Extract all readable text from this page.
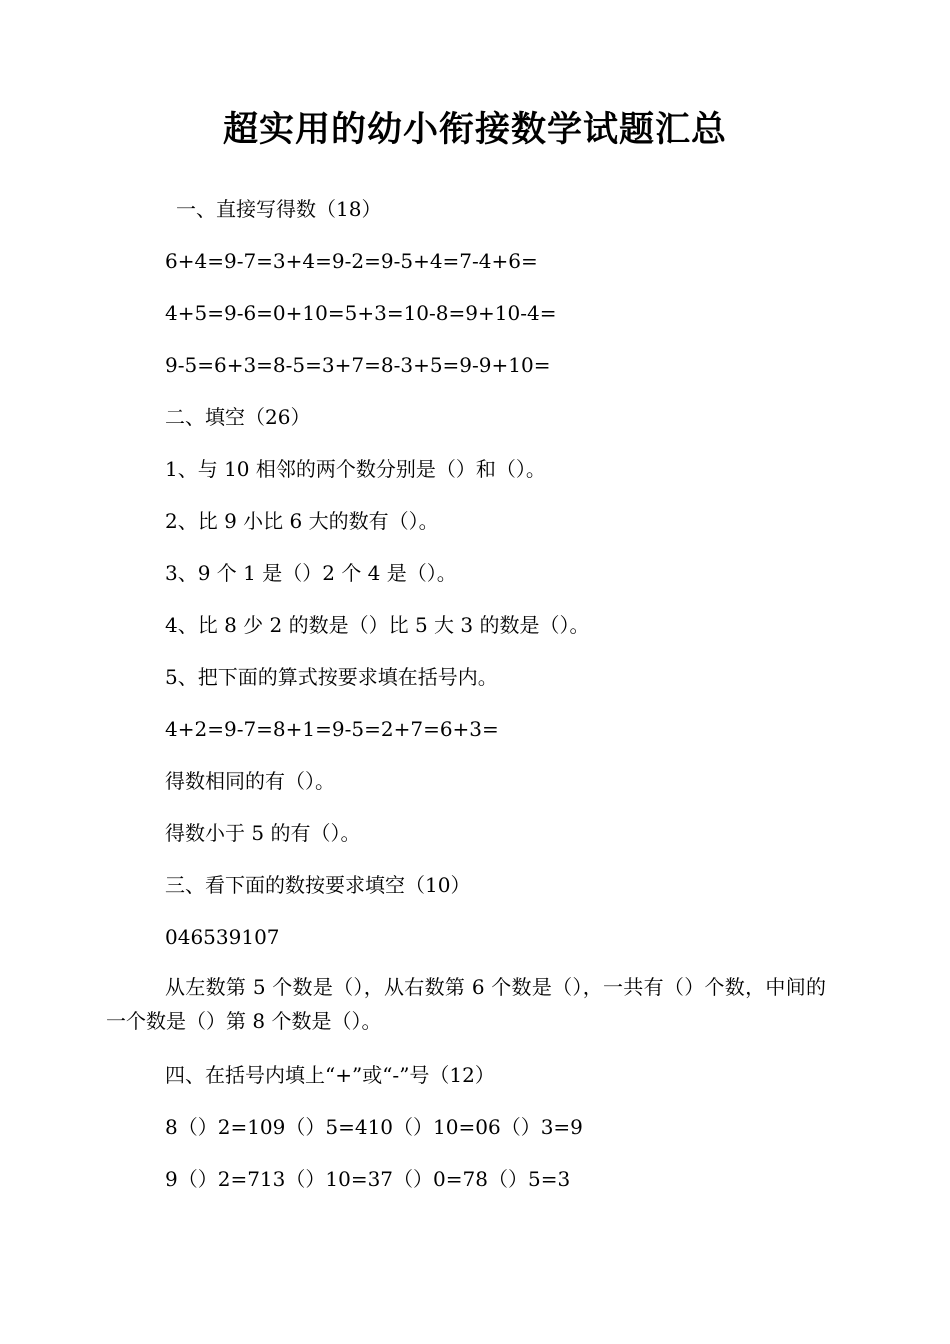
超实用的幼小衔接数学试题汇总
一、直接写得数（18）
6+4=9-7=3+4=9-2=9-5+4=7-4+6=
4+5=9-6=0+10=5+3=10-8=9+10-4=
9-5=6+3=8-5=3+7=8-3+5=9-9+10=
二、填空（26）
1、与 10 相邻的两个数分别是（）和（）。
2、比 9 小比 6 大的数有（）。
3、9 个 1 是（）2 个 4 是（）。
4、比 8 少 2 的数是（）比 5 大 3 的数是（）。
5、把下面的算式按要求填在括号内。
4+2=9-7=8+1=9-5=2+7=6+3=
得数相同的有（）。
得数小于 5 的有（）。
三、看下面的数按要求填空（10）
046539107
从左数第 5 个数是（），从右数第 6 个数是（），一共有（）个数，中间的一个数是（）第 8 个数是（）。
四、在括号内填上“+”或“-”号（12）
8（）2=109（）5=410（）10=06（）3=9
9（）2=713（）10=37（）0=78（）5=3
